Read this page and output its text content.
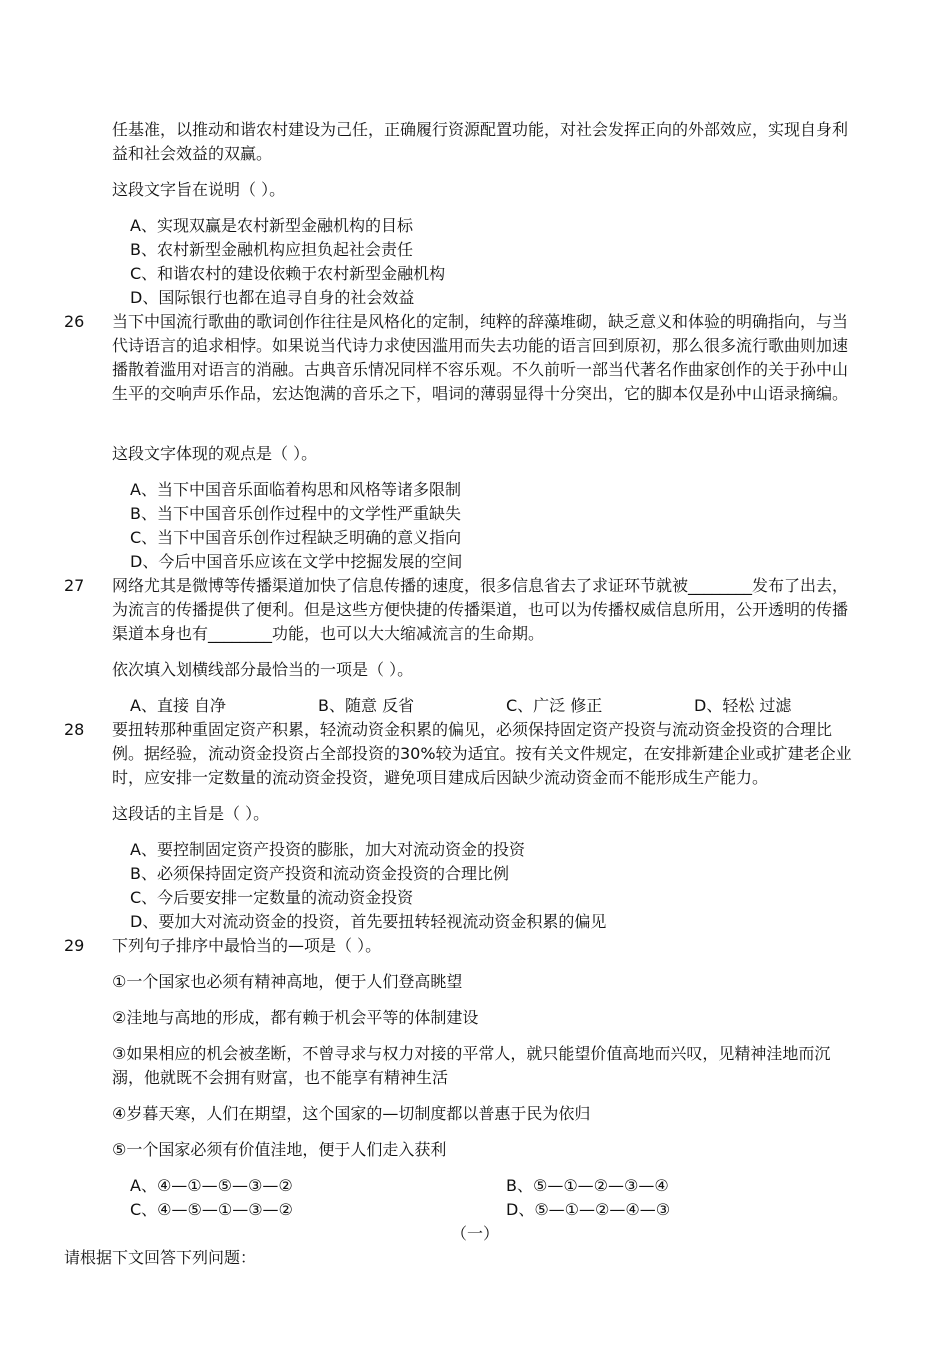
任基准，以推动和谐农村建设为己任，正确履行资源配置功能，对社会发挥正向的外部效应，实现自身利益和社会效益的双赢。

这段文字旨在说明（ ）。

A、实现双赢是农村新型金融机构的目标
B、农村新型金融机构应担负起社会责任
C、和谐农村的建设依赖于农村新型金融机构
D、国际银行也都在追寻自身的社会效益
26 当下中国流行歌曲的歌词创作往往是风格化的定制，纯粹的辞藻堆砌，缺乏意义和体验的明确指向，与当代诗语言的追求相悖。如果说当代诗力求使因滥用而失去功能的语言回到原初，那么很多流行歌曲则加速播散着滥用对语言的消融。古典音乐情况同样不容乐观。不久前听一部当代著名作曲家创作的关于孙中山生平的交响声乐作品，宏达饱满的音乐之下，唱词的薄弱显得十分突出，它的脚本仅是孙中山语录摘编。

这段文字体现的观点是（ ）。

A、当下中国音乐面临着构思和风格等诸多限制
B、当下中国音乐创作过程中的文学性严重缺失
C、当下中国音乐创作过程缺乏明确的意义指向
D、今后中国音乐应该在文学中挖掘发展的空间
27 网络尤其是微博等传播渠道加快了信息传播的速度，很多信息省去了求证环节就被________发布了出去，为流言的传播提供了便利。但是这些方便快捷的传播渠道，也可以为传播权威信息所用，公开透明的传播渠道本身也有________功能，也可以大大缩减流言的生命期。

依次填入划横线部分最恰当的一项是（ ）。

A、直接 自净	B、随意 反省	C、广泛 修正	D、轻松 过滤
28 要扭转那种重固定资产积累，轻流动资金积累的偏见，必须保持固定资产投资与流动资金投资的合理比例。据经验，流动资金投资占全部投资的30%较为适宜。按有关文件规定，在安排新建企业或扩建老企业时，应安排一定数量的流动资金投资，避免项目建成后因缺少流动资金而不能形成生产能力。

这段话的主旨是（ ）。

A、要控制固定资产投资的膨胀，加大对流动资金的投资
B、必须保持固定资产投资和流动资金投资的合理比例
C、今后要安排一定数量的流动资金投资
D、要加大对流动资金的投资，首先要扭转轻视流动资金积累的偏见
29 下列句子排序中最恰当的—项是（ ）。

①一个国家也必须有精神高地，便于人们登高眺望

②洼地与高地的形成，都有赖于机会平等的体制建设

③如果相应的机会被垄断，不曾寻求与权力对接的平常人，就只能望价值高地而兴叹，见精神洼地而沉溺，他就既不会拥有财富，也不能享有精神生活

④岁暮天寒，人们在期望，这个国家的—切制度都以普惠于民为依归

⑤一个国家必须有价值洼地，便于人们走入获利

A、④—①—⑤—③—②	B、⑤—①—②—③—④
C、④—⑤—①—③—②	D、⑤—①—②—④—③
（一）
请根据下文回答下列问题：
